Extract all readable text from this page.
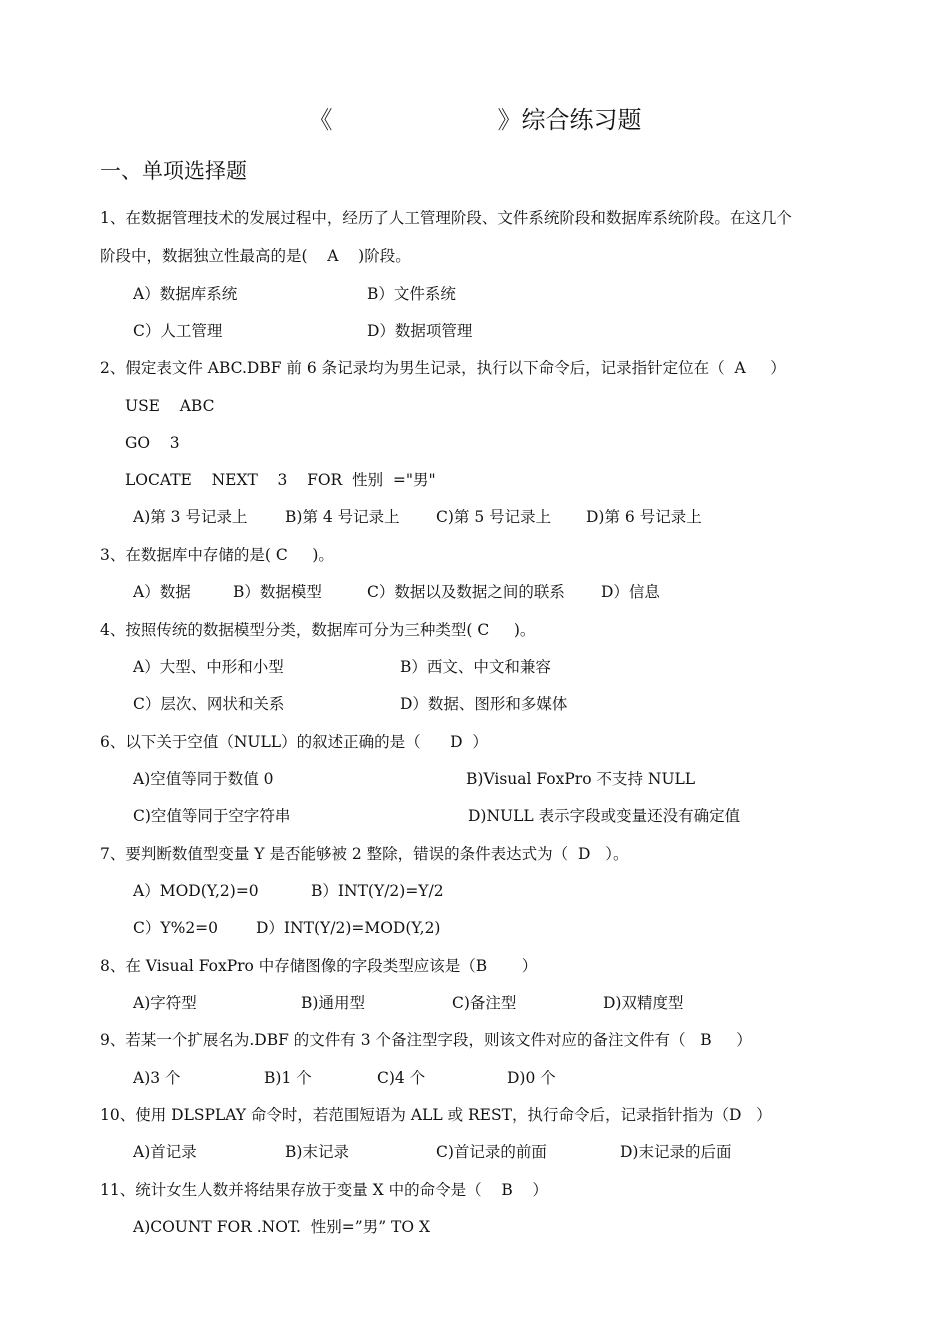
《	》综合练习题
一、单项选择题
1、在数据管理技术的发展过程中，经历了人工管理阶段、文件系统阶段和数据库系统阶段。在这几个
阶段中，数据独立性最高的是(    A    )阶段。
A）数据库系统	B）文件系统
C）人工管理	D）数据项管理
2、假定表文件 ABC.DBF 前 6 条记录均为男生记录，执行以下命令后，记录指针定位在（  A     ）
USE    ABC
GO    3
LOCATE    NEXT    3    FOR  性别  ="男"
A)第 3 号记录上 B)第 4 号记录上 C)第 5 号记录上 D)第 6 号记录上
3、在数据库中存储的是( C     )。
A）数据	B）数据模型	C）数据以及数据之间的联系 D）信息
4、按照传统的数据模型分类，数据库可分为三种类型( C     )。
A）大型、中形和小型	B）西文、中文和兼容
C）层次、网状和关系	D）数据、图形和多媒体
6、以下关于空值（NULL）的叙述正确的是（      D  ）
A)空值等同于数值 0	B)Visual FoxPro 不支持 NULL
C)空值等同于空字符串	D)NULL 表示字段或变量还没有确定值
7、要判断数值型变量 Y 是否能够被 2 整除，错误的条件表达式为（  D   ）。
A）MOD(Y,2)=0	B）INT(Y/2)=Y/2
C）Y%2=0 D）INT(Y/2)=MOD(Y,2)
8、在 Visual FoxPro 中存储图像的字段类型应该是（B       ）
A)字符型	B)通用型	C)备注型	D)双精度型
9、若某一个扩展名为.DBF 的文件有 3 个备注型字段，则该文件对应的备注文件有（   B     ）
A)3 个	B)1 个	C)4 个	D)0 个
10、使用 DLSPLAY 命令时，若范围短语为 ALL 或 REST，执行命令后，记录指针指为（D   ）
A)首记录	B)末记录	C)首记录的前面	D)末记录的后面
11、统计女生人数并将结果存放于变量 X 中的命令是（    B    ）
A)COUNT FOR .NOT.  性别=”男” TO X
